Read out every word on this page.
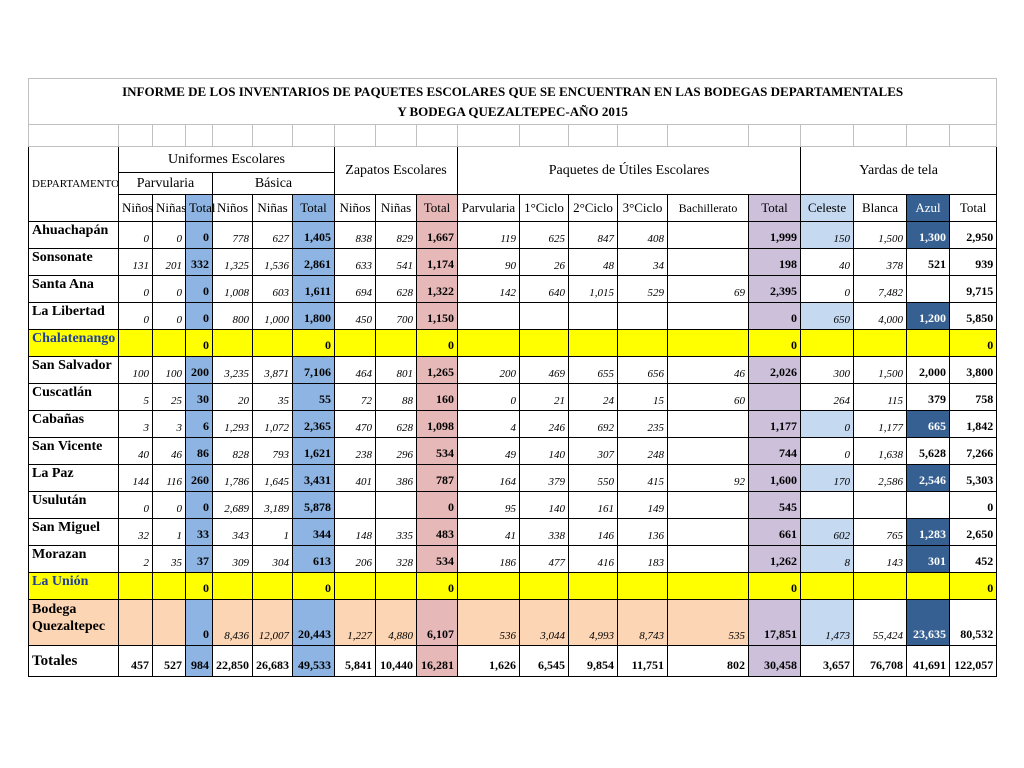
INFORME DE LOS INVENTARIOS DE PAQUETES ESCOLARES QUE SE ENCUENTRAN EN LAS BODEGAS DEPARTAMENTALES
Y BODEGA QUEZALTEPEC-AÑO 2015																			

DEPARTAMENTO	Uniformes Escolares						Zapatos Escolares			Paquetes de Útiles Escolares						Yardas de tela			
	Parvularia			Básica															
	Niños	Niñas	Total	Niños	Niñas	Total	Niños	Niñas	Total	Parvularia	1°Ciclo	2°Ciclo	3°Ciclo	Bachillerato	Total	Celeste	Blanca	Azul	Total
Ahuachapán	0	0	0	778	627	1,405	838	829	1,667	119	625	847	408		1,999	150	1,500	1,300	2,950
Sonsonate	131	201	332	1,325	1,536	2,861	633	541	1,174	90	26	48	34		198	40	378	521	939
Santa Ana	0	0	0	1,008	603	1,611	694	628	1,322	142	640	1,015	529	69	2,395	0	7,482		9,715
La Libertad	0	0	0	800	1,000	1,800	450	700	1,150						0	650	4,000	1,200	5,850
Chalatenango			0			0			0						0				0
San Salvador	100	100	200	3,235	3,871	7,106	464	801	1,265	200	469	655	656	46	2,026	300	1,500	2,000	3,800
Cuscatlán	5	25	30	20	35	55	72	88	160	0	21	24	15	60		264	115	379	758
Cabañas	3	3	6	1,293	1,072	2,365	470	628	1,098	4	246	692	235		1,177	0	1,177	665	1,842
San Vicente	40	46	86	828	793	1,621	238	296	534	49	140	307	248		744	0	1,638	5,628	7,266
La Paz	144	116	260	1,786	1,645	3,431	401	386	787	164	379	550	415	92	1,600	170	2,586	2,546	5,303
Usulután	0	0	0	2,689	3,189	5,878			0	95	140	161	149		545				0
San Miguel	32	1	33	343	1	344	148	335	483	41	338	146	136		661	602	765	1,283	2,650
Morazan	2	35	37	309	304	613	206	328	534	186	477	416	183		1,262	8	143	301	452
La Unión			0			0			0						0				0
Bodega Quezaltepec			0	8,436	12,007	20,443	1,227	4,880	6,107	536	3,044	4,993	8,743	535	17,851	1,473	55,424	23,635	80,532
Totales	457	527	984	22,850	26,683	49,533	5,841	10,440	16,281	1,626	6,545	9,854	11,751	802	30,458	3,657	76,708	41,691	122,057
